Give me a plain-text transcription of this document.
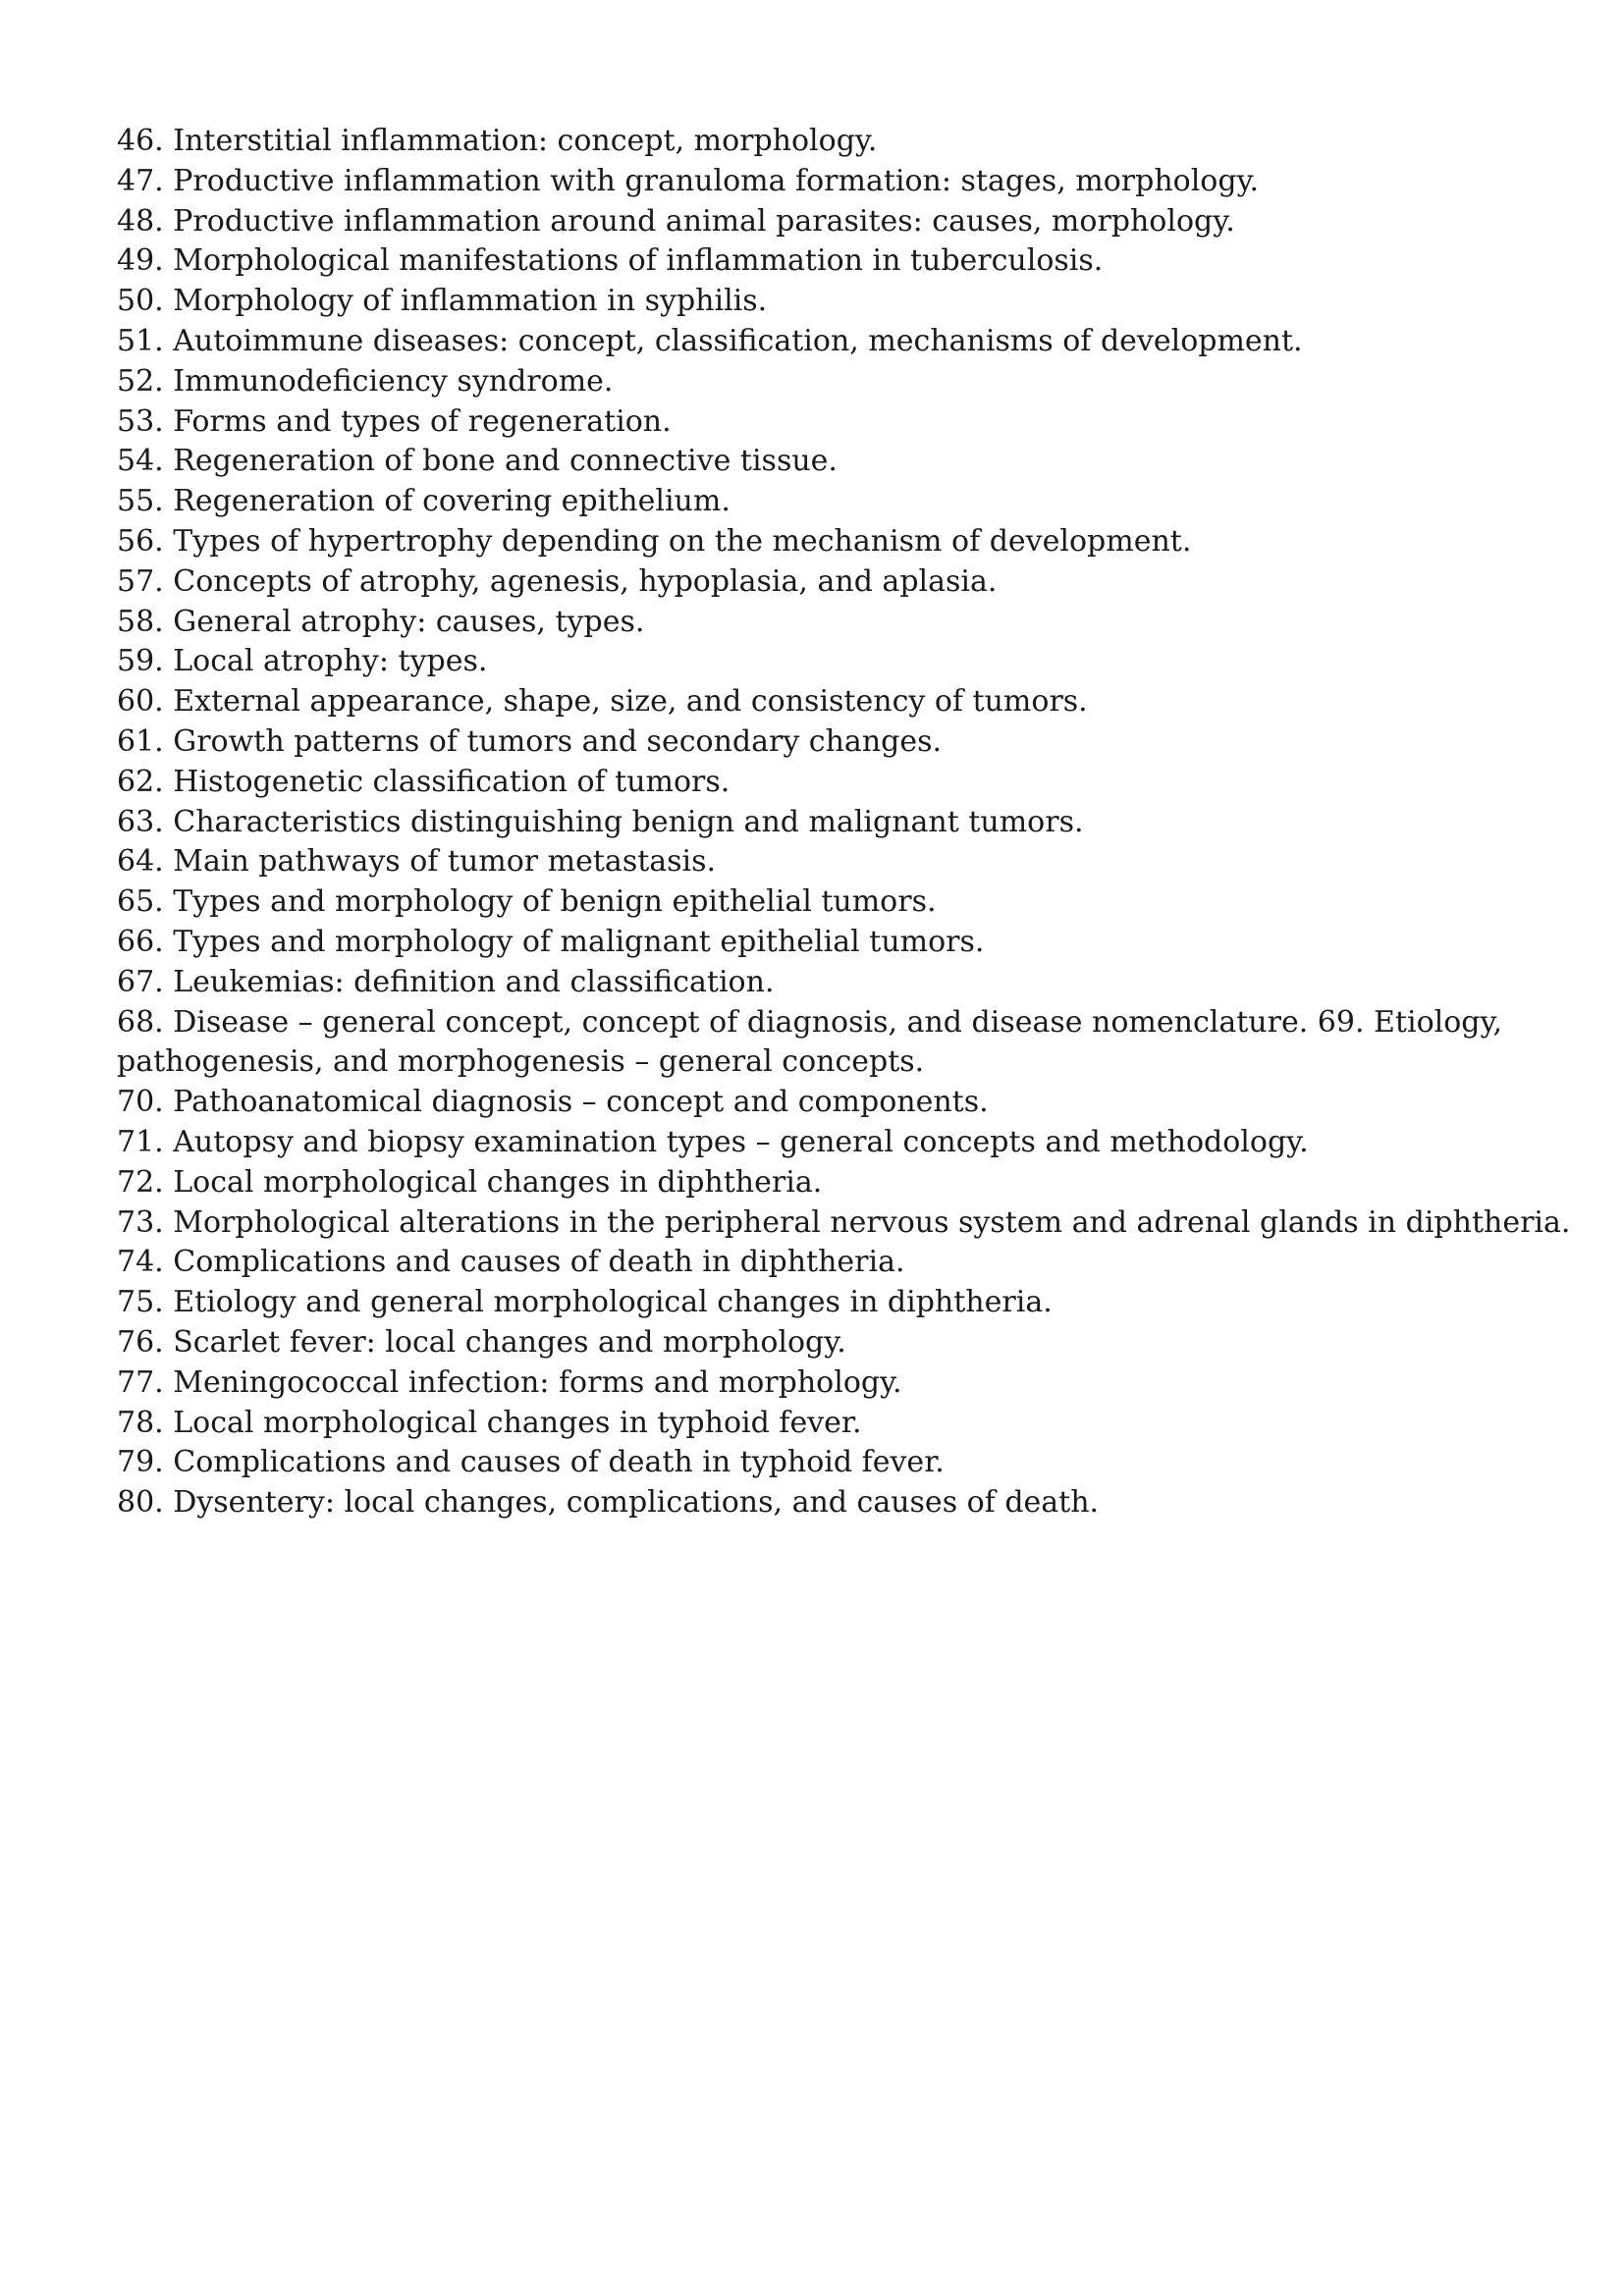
46. Interstitial inflammation: concept, morphology.

47. Productive inflammation with granuloma formation: stages, morphology.

48. Productive inflammation around animal parasites: causes, morphology.

49. Morphological manifestations of inflammation in tuberculosis.

50. Morphology of inflammation in syphilis.

51. Autoimmune diseases: concept, classification, mechanisms of development.

52. Immunodeficiency syndrome.

53. Forms and types of regeneration.

54. Regeneration of bone and connective tissue.

55. Regeneration of covering epithelium.

56. Types of hypertrophy depending on the mechanism of development.

57. Concepts of atrophy, agenesis, hypoplasia, and aplasia.

58. General atrophy: causes, types.

59. Local atrophy: types.

60. External appearance, shape, size, and consistency of tumors.

61. Growth patterns of tumors and secondary changes.

62. Histogenetic classification of tumors.

63. Characteristics distinguishing benign and malignant tumors.

64. Main pathways of tumor metastasis.

65. Types and morphology of benign epithelial tumors.

66. Types and morphology of malignant epithelial tumors.

67. Leukemias: definition and classification.

68. Disease – general concept, concept of diagnosis, and disease nomenclature. 69. Etiology,

pathogenesis, and morphogenesis – general concepts.

70. Pathoanatomical diagnosis – concept and components.

71. Autopsy and biopsy examination types – general concepts and methodology.

72. Local morphological changes in diphtheria.

73. Morphological alterations in the peripheral nervous system and adrenal glands in diphtheria.

74. Complications and causes of death in diphtheria.

75. Etiology and general morphological changes in diphtheria.

76. Scarlet fever: local changes and morphology.

77. Meningococcal infection: forms and morphology.

78. Local morphological changes in typhoid fever.

79. Complications and causes of death in typhoid fever.

80. Dysentery: local changes, complications, and causes of death.
